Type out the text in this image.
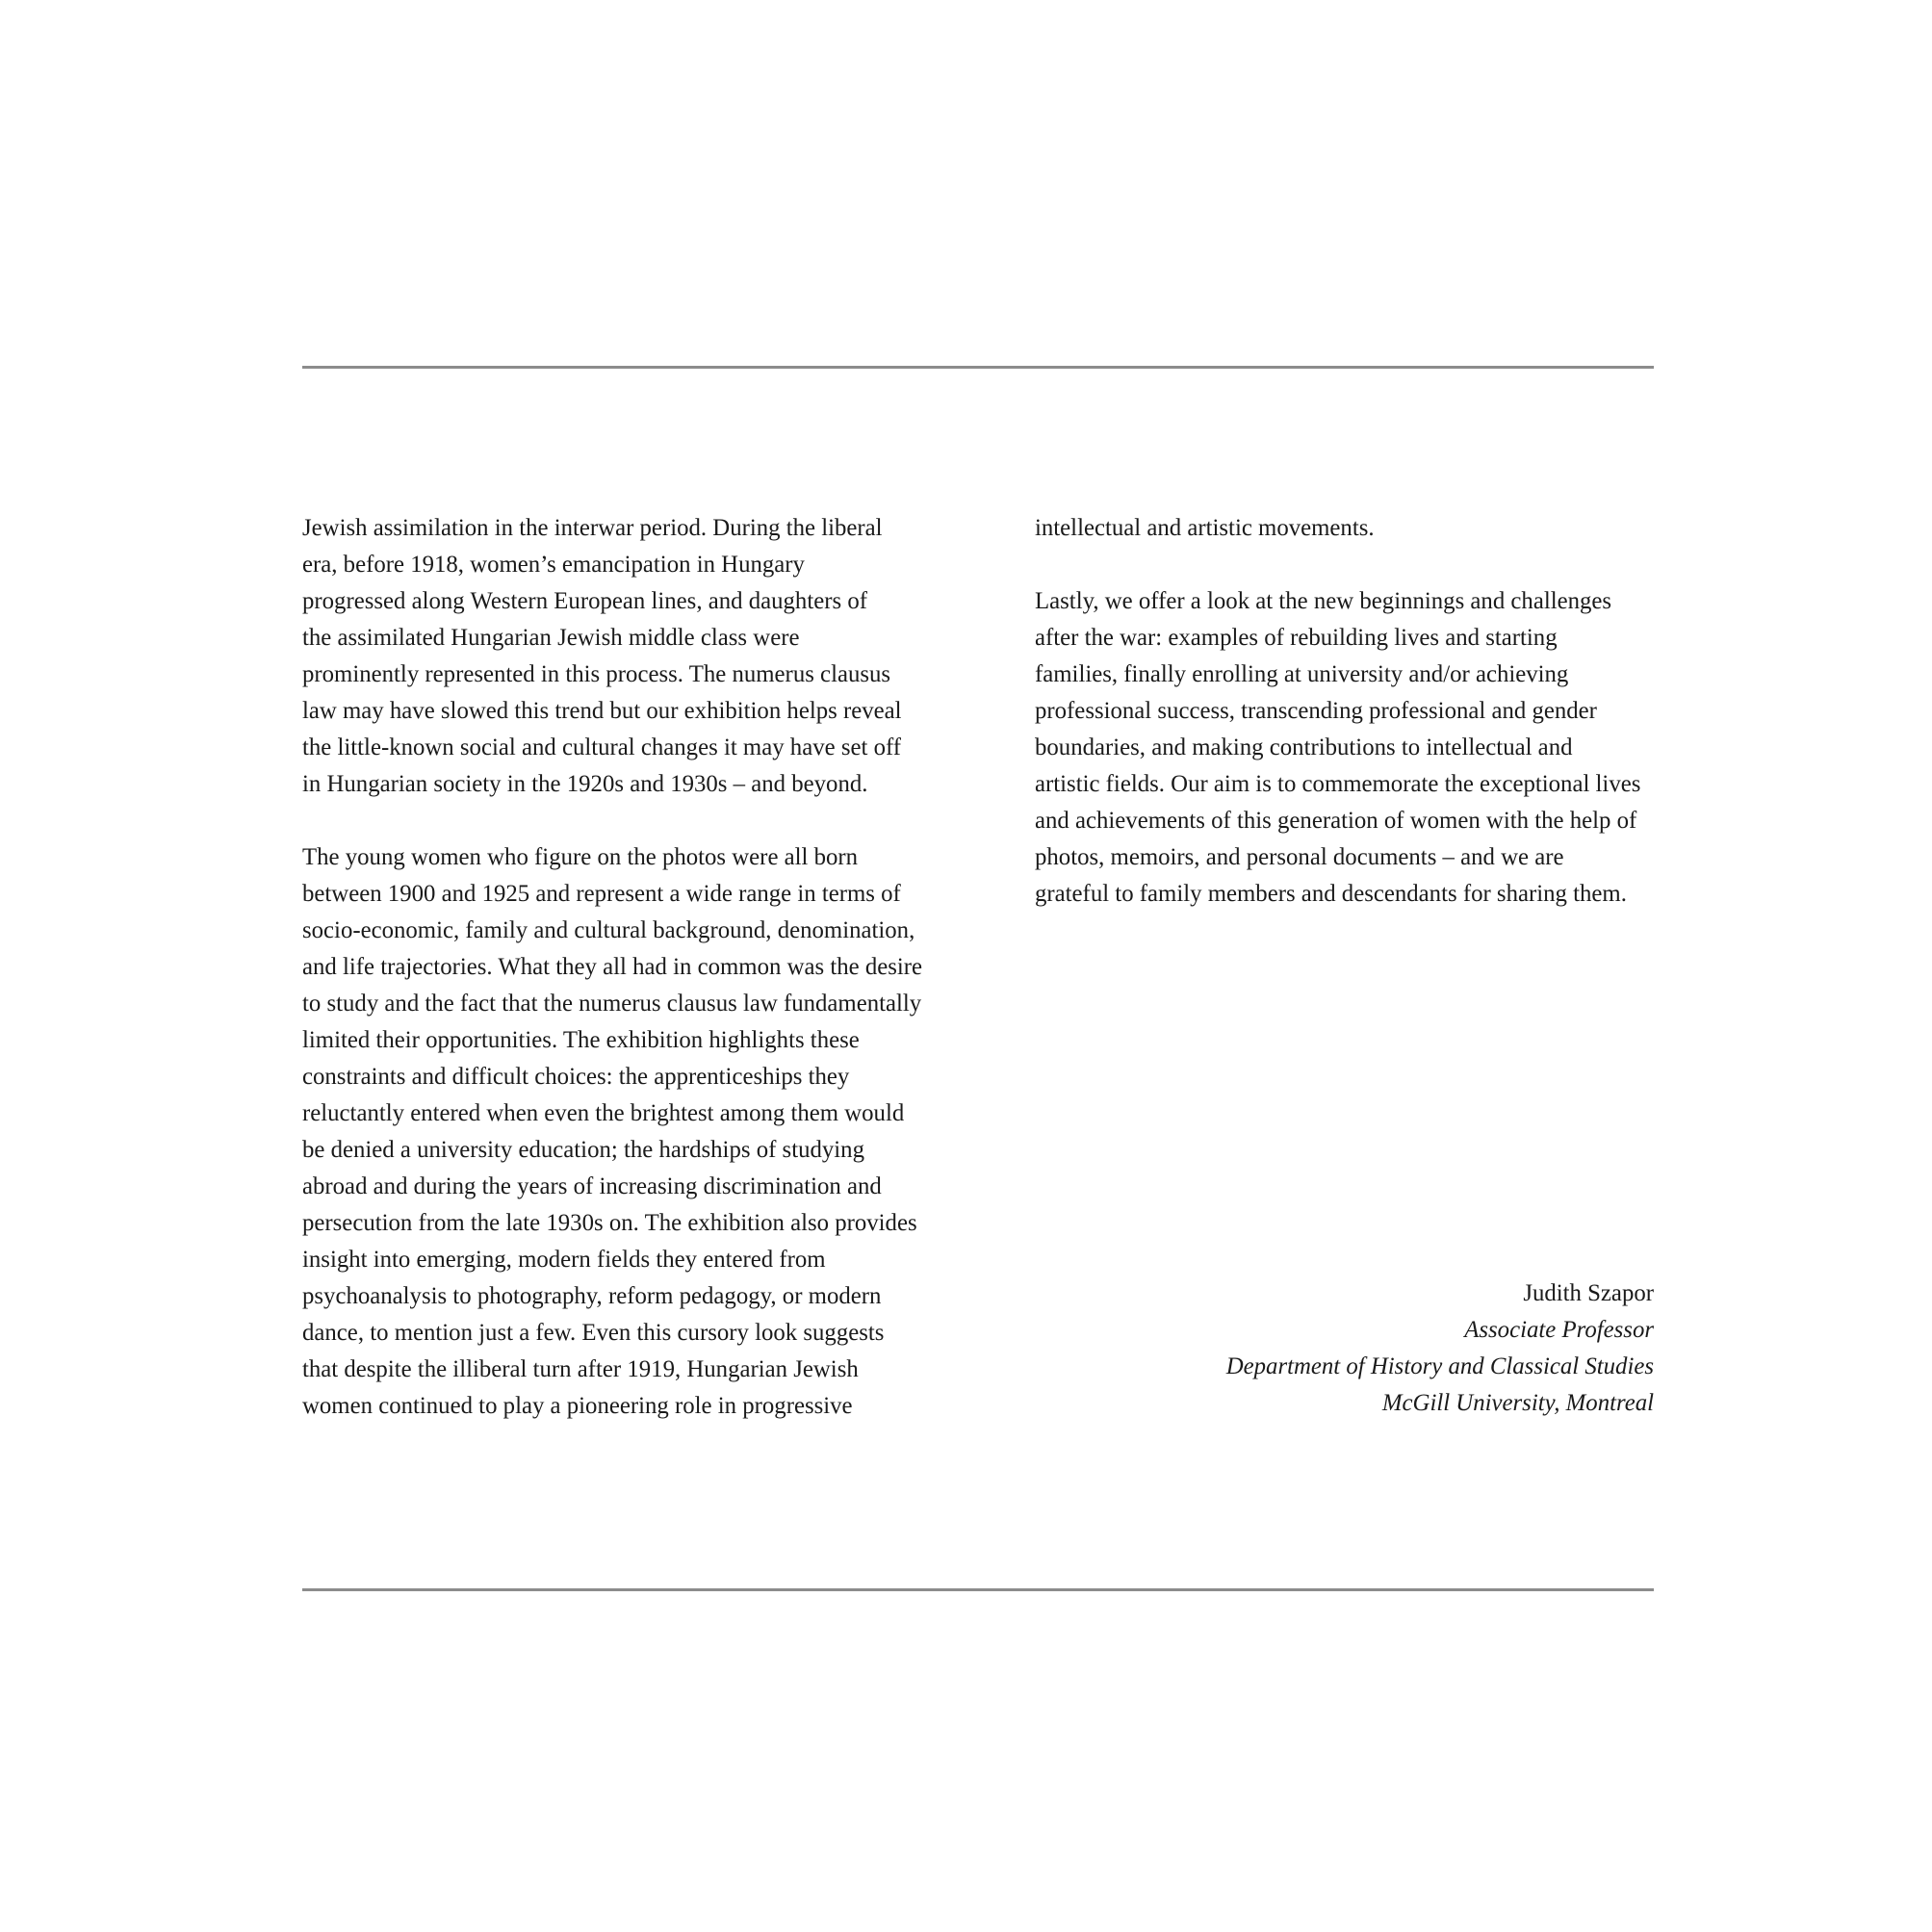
Jewish assimilation in the interwar period. During the liberal
era, before 1918, women’s emancipation in Hungary
progressed along Western European lines, and daughters of
the assimilated Hungarian Jewish middle class were
prominently represented in this process. The numerus clausus
law may have slowed this trend but our exhibition helps reveal
the little-known social and cultural changes it may have set off
in Hungarian society in the 1920s and 1930s – and beyond.
The young women who figure on the photos were all born
between 1900 and 1925 and represent a wide range in terms of
socio-economic, family and cultural background, denomination,
and life trajectories. What they all had in common was the desire
to study and the fact that the numerus clausus law fundamentally
limited their opportunities. The exhibition highlights these
constraints and difficult choices: the apprenticeships they
reluctantly entered when even the brightest among them would
be denied a university education; the hardships of studying
abroad and during the years of increasing discrimination and
persecution from the late 1930s on. The exhibition also provides
insight into emerging, modern fields they entered from
psychoanalysis to photography, reform pedagogy, or modern
dance, to mention just a few. Even this cursory look suggests
that despite the illiberal turn after 1919, Hungarian Jewish
women continued to play a pioneering role in progressive
intellectual and artistic movements.
Lastly, we offer a look at the new beginnings and challenges
after the war: examples of rebuilding lives and starting
families, finally enrolling at university and/or achieving
professional success, transcending professional and gender
boundaries, and making contributions to intellectual and
artistic fields. Our aim is to commemorate the exceptional lives
and achievements of this generation of women with the help of
photos, memoirs, and personal documents – and we are
grateful to family members and descendants for sharing them.
Judith Szapor
Associate Professor
Department of History and Classical Studies
McGill University, Montreal
